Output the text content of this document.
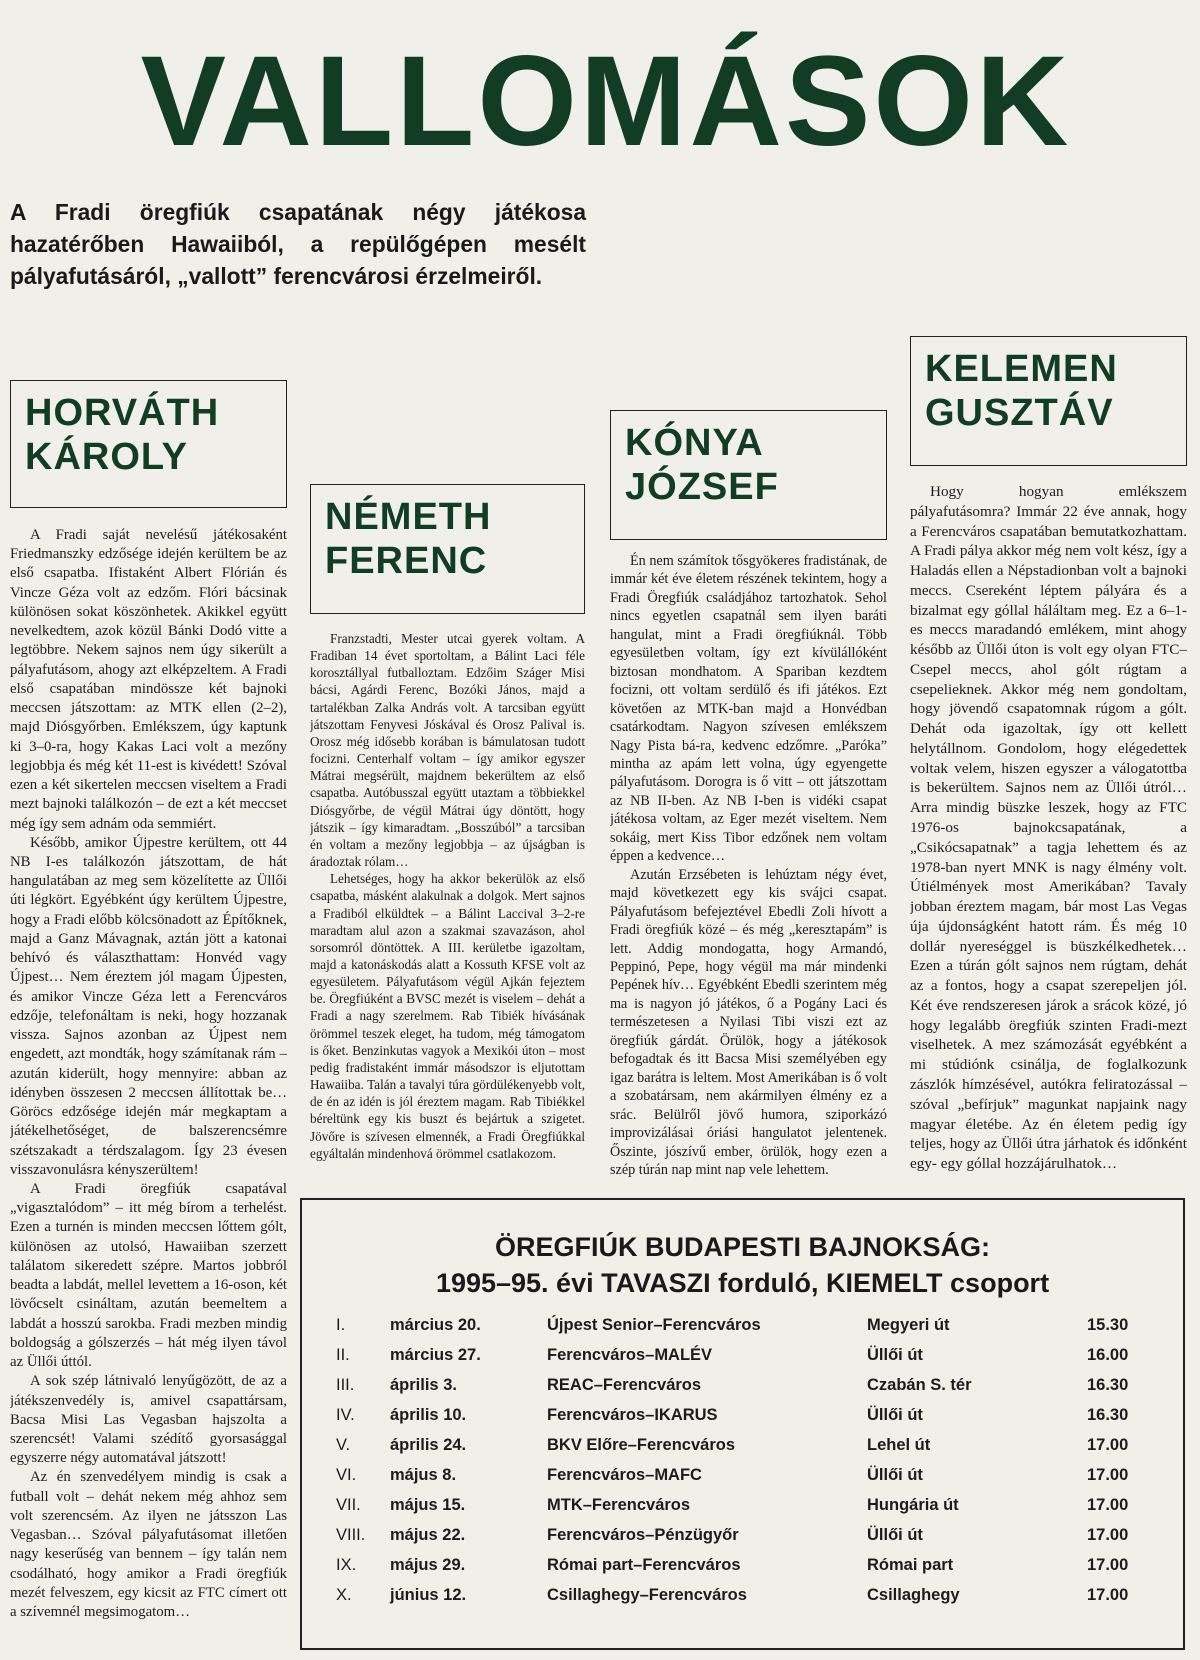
VALLOMÁSOK
A Fradi öregfiúk csapatának négy játékosa hazatérőben Hawaiiból, a repülőgépen mesélt pályafutásáról, „vallott” ferencvárosi érzelmeiről.
HORVÁTH
KÁROLY

A Fradi saját nevelésű játékosaként Friedmanszky edzősége idején kerültem be az első csapatba. Ifistaként Albert Flórián és Vincze Géza volt az edzőm. Flóri bácsinak különösen sokat köszönhetek. Akikkel együtt nevelkedtem, azok közül Bánki Dodó vitte a legtöbbre. Nekem sajnos nem úgy sikerült a pályafutásom, ahogy azt elképzeltem. A Fradi első csapatában mindössze két bajnoki meccsen játszottam: az MTK ellen (2–2), majd Diósgyőrben. Emlékszem, úgy kaptunk ki 3–0-ra, hogy Kakas Laci volt a mezőny legjobbja és még két 11-est is kivédett! Szóval ezen a két sikertelen meccsen viseltem a Fradi mezt bajnoki találkozón – de ezt a két meccset még így sem adnám oda semmiért.

Később, amikor Újpestre kerültem, ott 44 NB I-es találkozón játszottam, de hát hangulatában az meg sem közelítette az Üllői úti légkört. Egyébként úgy kerültem Újpestre, hogy a Fradi előbb kölcsönadott az Építőknek, majd a Ganz Mávagnak, aztán jött a katonai behívó és választhattam: Honvéd vagy Újpest… Nem éreztem jól magam Újpesten, és amikor Vincze Géza lett a Ferencváros edzője, telefonáltam is neki, hogy hozzanak vissza. Sajnos azonban az Újpest nem engedett, azt mondták, hogy számítanak rám – azután kiderült, hogy mennyire: abban az idényben összesen 2 meccsen állítottak be… Göröcs edzősége idején már megkaptam a játékelhetőséget, de balszerencsémre szétszakadt a térdszalagom. Így 23 évesen visszavonulásra kényszerültem!

A Fradi öregfiúk csapatával „vigasztalódom” – itt még bírom a terhelést. Ezen a turnén is minden meccsen lőttem gólt, különösen az utolsó, Hawaiiban szerzett találatom sikeredett szépre. Martos jobbról beadta a labdát, mellel levettem a 16-oson, két lövőcselt csináltam, azután beemeltem a labdát a hosszú sarokba. Fradi mezben mindig boldogság a gólszerzés – hát még ilyen távol az Üllői úttól.

A sok szép látnivaló lenyűgözött, de az a játékszenvedély is, amivel csapattársam, Bacsa Misi Las Vegasban hajszolta a szerencsét! Valami szédítő gyorsasággal egyszerre négy automatával játszott!

Az én szenvedélyem mindig is csak a futball volt – dehát nekem még ahhoz sem volt szerencsém. Az ilyen ne játsszon Las Vegasban… Szóval pályafutásomat illetően nagy keserűség van bennem – így talán nem csodálható, hogy amikor a Fradi öregfiúk mezét felveszem, egy kicsit az FTC címert ott a szívemnél megsimogatom…

NÉMETH
FERENC

Franzstadti, Mester utcai gyerek voltam. A Fradiban 14 évet sportoltam, a Bálint Laci féle korosztállyal futballoztam. Edzőim Száger Misi bácsi, Agárdi Ferenc, Bozóki János, majd a tartalékban Zalka András volt. A tarcsiban együtt játszottam Fenyvesi Jóskával és Orosz Palival is. Orosz még idősebb korában is bámulatosan tudott focizni. Centerhalf voltam – így amikor egyszer Mátrai megsérült, majdnem bekerültem az első csapatba. Autóbusszal együtt utaztam a többiekkel Diósgyőrbe, de végül Mátrai úgy döntött, hogy játszik – így kimaradtam. „Bosszúból” a tarcsiban én voltam a mezőny legjobbja – az újságban is áradoztak rólam…

Lehetséges, hogy ha akkor bekerülök az első csapatba, másként alakulnak a dolgok. Mert sajnos a Fradiból elküldtek – a Bálint Laccival 3–2-re maradtam alul azon a szakmai szavazáson, ahol sorsomról döntöttek. A III. kerületbe igazoltam, majd a katonáskodás alatt a Kossuth KFSE volt az egyesületem. Pályafutásom végül Ajkán fejeztem be. Öregfiúként a BVSC mezét is viselem – dehát a Fradi a nagy szerelmem. Rab Tibiék hívásának örömmel teszek eleget, ha tudom, még támogatom is őket. Benzinkutas vagyok a Mexikói úton – most pedig fradistaként immár másodszor is eljutottam Hawaiiba. Talán a tavalyi túra gördülékenyebb volt, de én az idén is jól éreztem magam. Rab Tibiékkel béreltünk egy kis buszt és bejártuk a szigetet. Jövőre is szívesen elmennék, a Fradi Öregfiúkkal egyáltalán mindenhová örömmel csatlakozom.

KÓNYA
JÓZSEF

Én nem számítok tősgyökeres fradistának, de immár két éve életem részének tekintem, hogy a Fradi Öregfiúk családjához tartozhatok. Sehol nincs egyetlen csapatnál sem ilyen baráti hangulat, mint a Fradi öregfiúknál. Több egyesületben voltam, így ezt kívülállóként biztosan mondhatom. A Spariban kezdtem focizni, ott voltam serdülő és ifi játékos. Ezt követően az MTK-ban majd a Honvédban csatárkodtam. Nagyon szívesen emlékszem Nagy Pista bá-ra, kedvenc edzőmre. „Paróka” mintha az apám lett volna, úgy egyengette pályafutásom. Dorogra is ő vitt – ott játszottam az NB II-ben. Az NB I-ben is vidéki csapat játékosa voltam, az Eger mezét viseltem. Nem sokáig, mert Kiss Tibor edzőnek nem voltam éppen a kedvence…

Azután Erzsébeten is lehúztam négy évet, majd következett egy kis svájci csapat. Pályafutásom befejeztével Ebedli Zoli hívott a Fradi öregfiúk közé – és még „keresztapám” is lett. Addig mondogatta, hogy Armandó, Peppinó, Pepe, hogy végül ma már mindenki Pepének hív… Egyébként Ebedli szerintem még ma is nagyon jó játékos, ő a Pogány Laci és természetesen a Nyilasi Tibi viszi ezt az öregfiúk gárdát. Örülök, hogy a játékosok befogadtak és itt Bacsa Misi személyében egy igaz barátra is leltem. Most Amerikában is ő volt a szobatársam, nem akármilyen élmény ez a srác. Belülről jövő humora, sziporkázó improvizálásai óriási hangulatot jelentenek. Őszinte, jószívű ember, örülök, hogy ezen a szép túrán nap mint nap vele lehettem.

KELEMEN
GUSZTÁV

Hogy hogyan emlékszem pályafutásomra? Immár 22 éve annak, hogy a Ferencváros csapatában bemutatkozhattam. A Fradi pálya akkor még nem volt kész, így a Haladás ellen a Népstadionban volt a bajnoki meccs. Csereként léptem pályára és a bizalmat egy góllal háláltam meg. Ez a 6–1-es meccs maradandó emlékem, mint ahogy később az Üllői úton is volt egy olyan FTC–Csepel meccs, ahol gólt rúgtam a csepelieknek. Akkor még nem gondoltam, hogy jövendő csapatomnak rúgom a gólt. Dehát oda igazoltak, így ott kellett helytállnom. Gondolom, hogy elégedettek voltak velem, hiszen egyszer a válogatottba is bekerültem. Sajnos nem az Üllői útról… Arra mindig büszke leszek, hogy az FTC 1976-os bajnokcsapatának, a „Csikócsapatnak” a tagja lehettem és az 1978-ban nyert MNK is nagy élmény volt. Útiélmények most Amerikában? Tavaly jobban éreztem magam, bár most Las Vegas úja újdonságként hatott rám. És még 10 dollár nyereséggel is büszkélkedhetek… Ezen a túrán gólt sajnos nem rúgtam, dehát az a fontos, hogy a csapat szerepeljen jól. Két éve rendszeresen járok a srácok közé, jó hogy legalább öregfiúk szinten Fradi-mezt viselhetek. A mez számozását egyébként a mi stúdiónk csinálja, de foglalkozunk zászlók hímzésével, autókra feliratozással – szóval „befírjuk” magunkat napjaink nagy magyar életébe. Az én életem pedig így teljes, hogy az Üllői útra járhatok és időnként egy- egy góllal hozzájárulhatok…

ÖREGFIÚK BUDAPESTI BAJNOKSÁG:
1995–95. évi TAVASZI forduló, KIEMELT csoport
I.	március 20.	Újpest Senior–Ferencváros	Megyeri út	15.30
II. március 27.	Ferencváros–MALÉV	Üllői út	16.00
III. április 3.	REAC–Ferencváros	Czabán S. tér	16.30
IV. április 10.	Ferencváros–IKARUS	Üllői út	16.30
V. április 24.	BKV Előre–Ferencváros	Lehel út	17.00
VI. május 8.	Ferencváros–MAFC	Üllői út	17.00
VII. május 15.	MTK–Ferencváros	Hungária út	17.00
VIII. május 22.	Ferencváros–Pénzügyőr	Üllői út	17.00
IX. május 29.	Római part–Ferencváros	Római part	17.00
X. június 12.	Csillaghegy–Ferencváros	Csillaghegy	17.00
